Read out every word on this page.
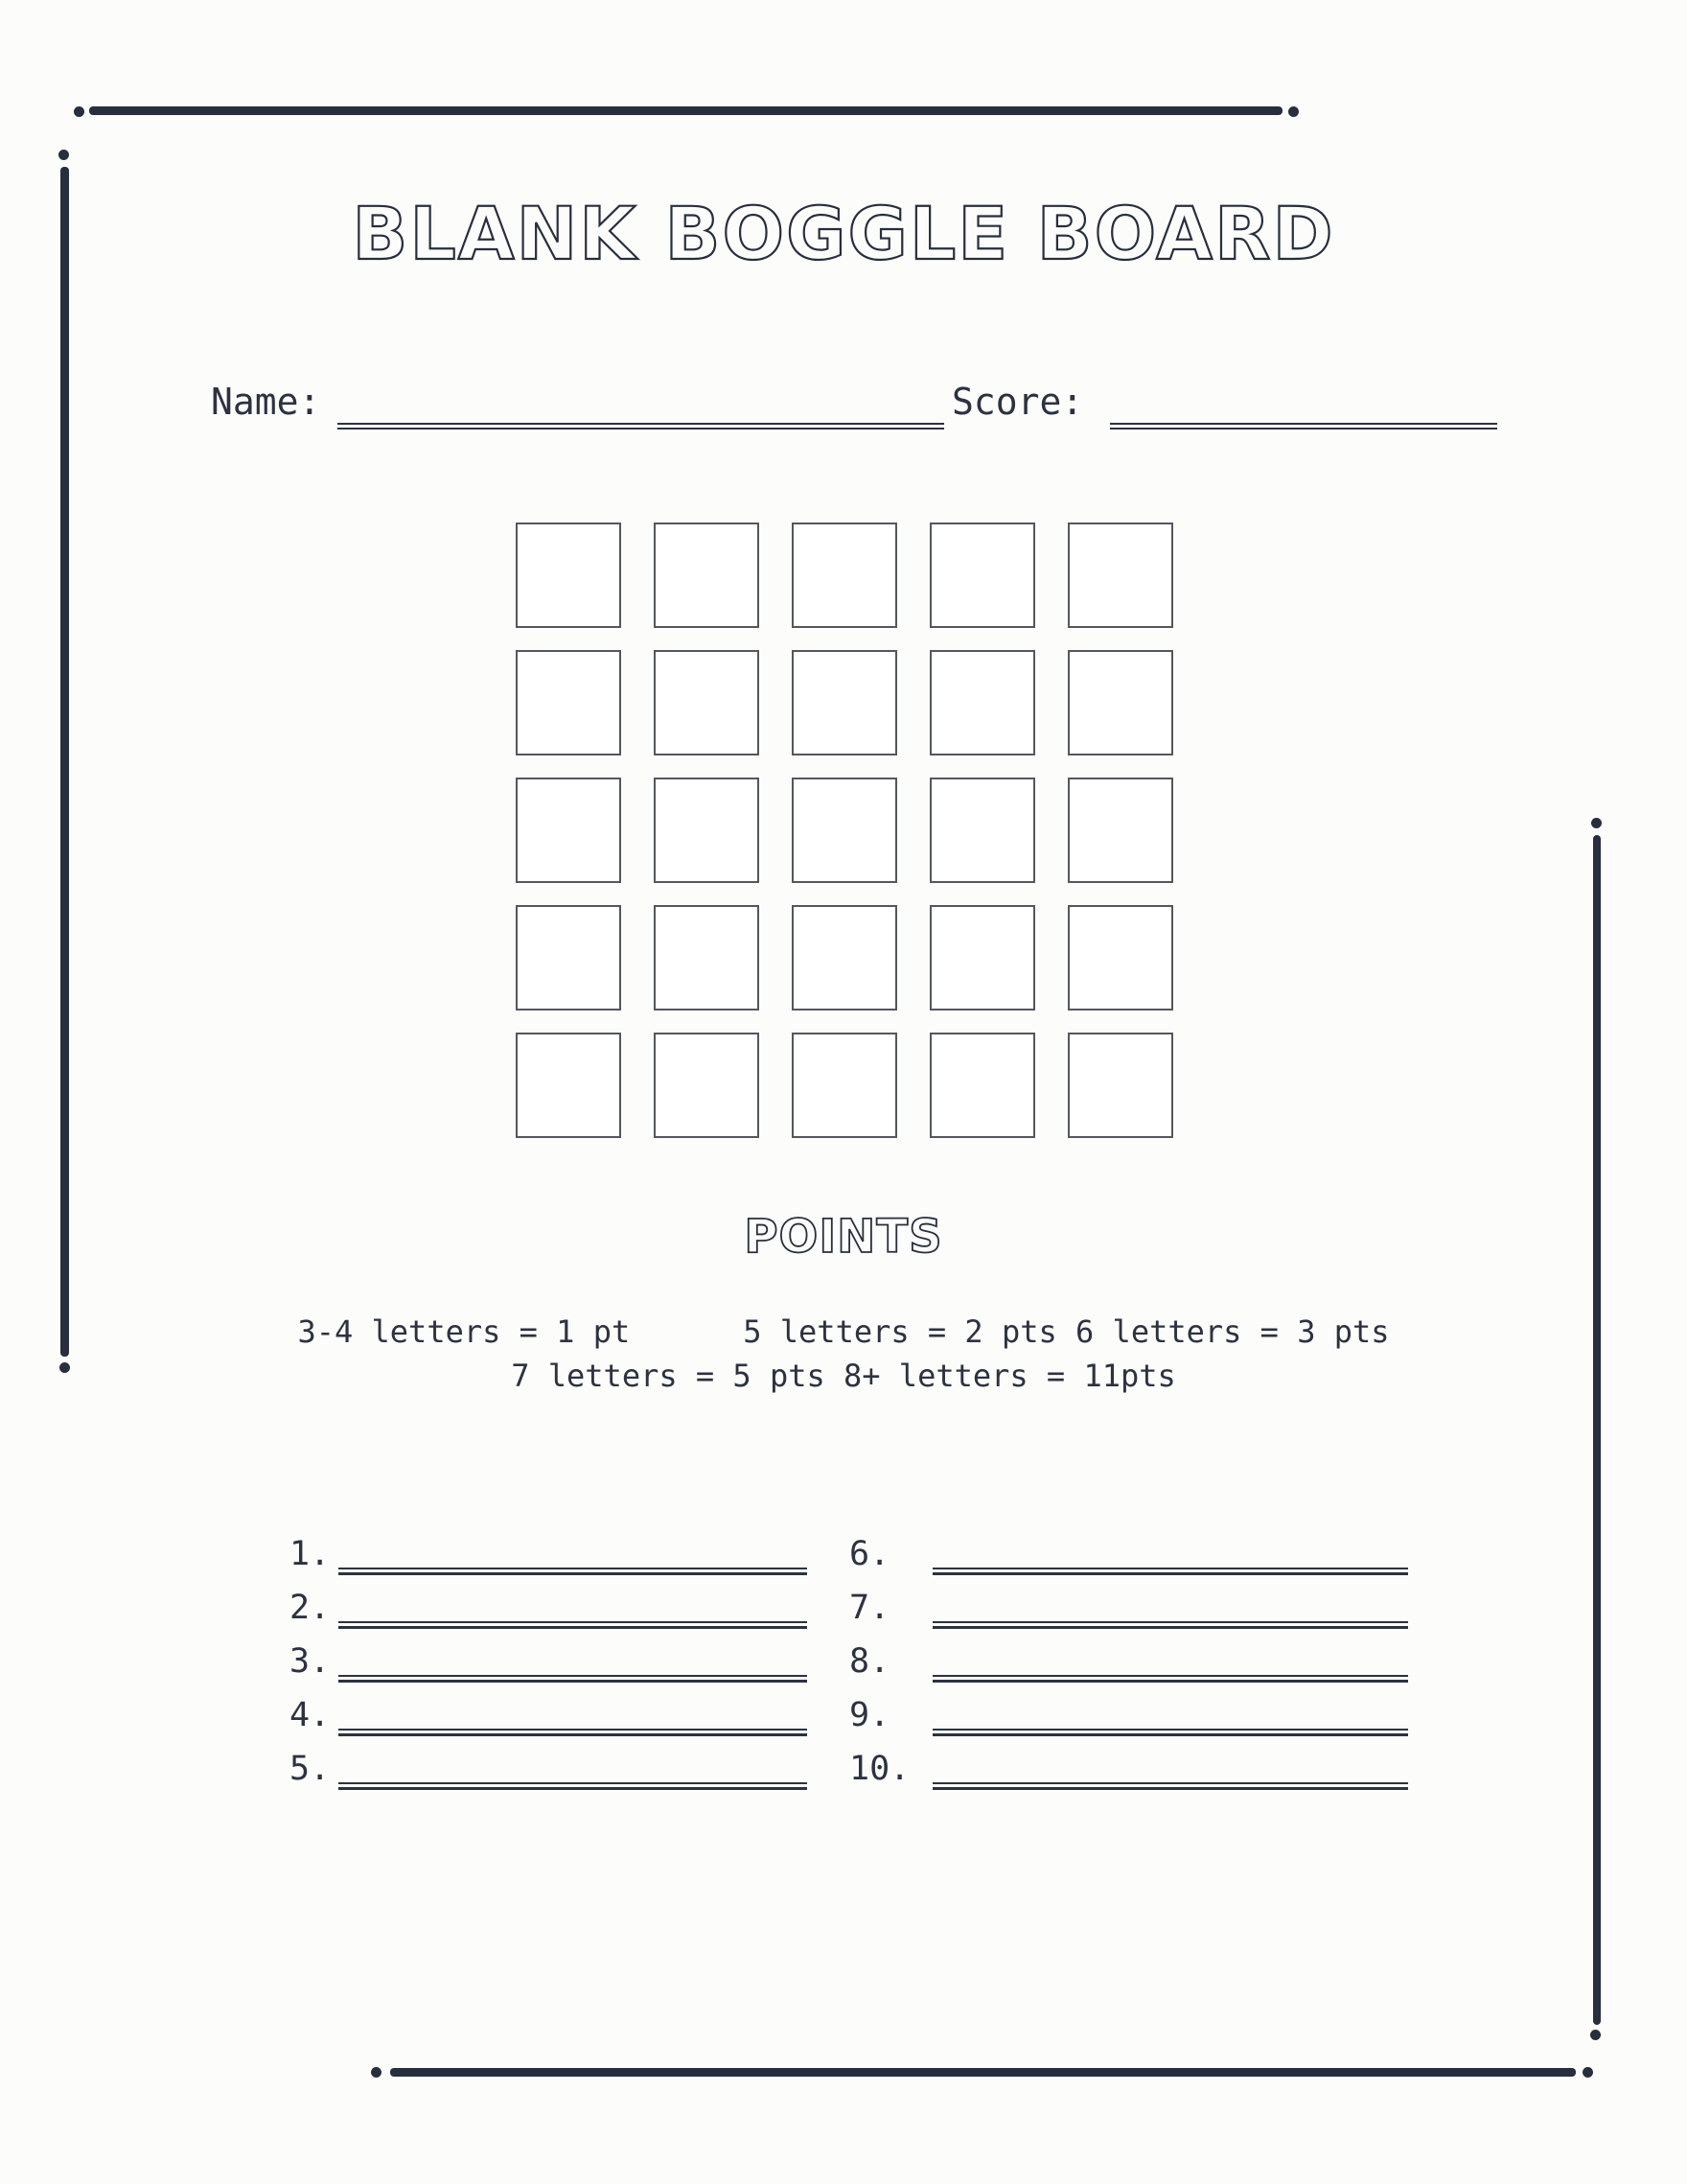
BLANK BOGGLE BOARD
Name:	Score:
POINTS
3-4 letters = 1 pt	5 letters = 2 pts 6 letters = 3 pts
7 letters = 5 pts 8+ letters = 11pts
1.
2.
3.
4.
5.
6.
7.
8.
9.
10.
